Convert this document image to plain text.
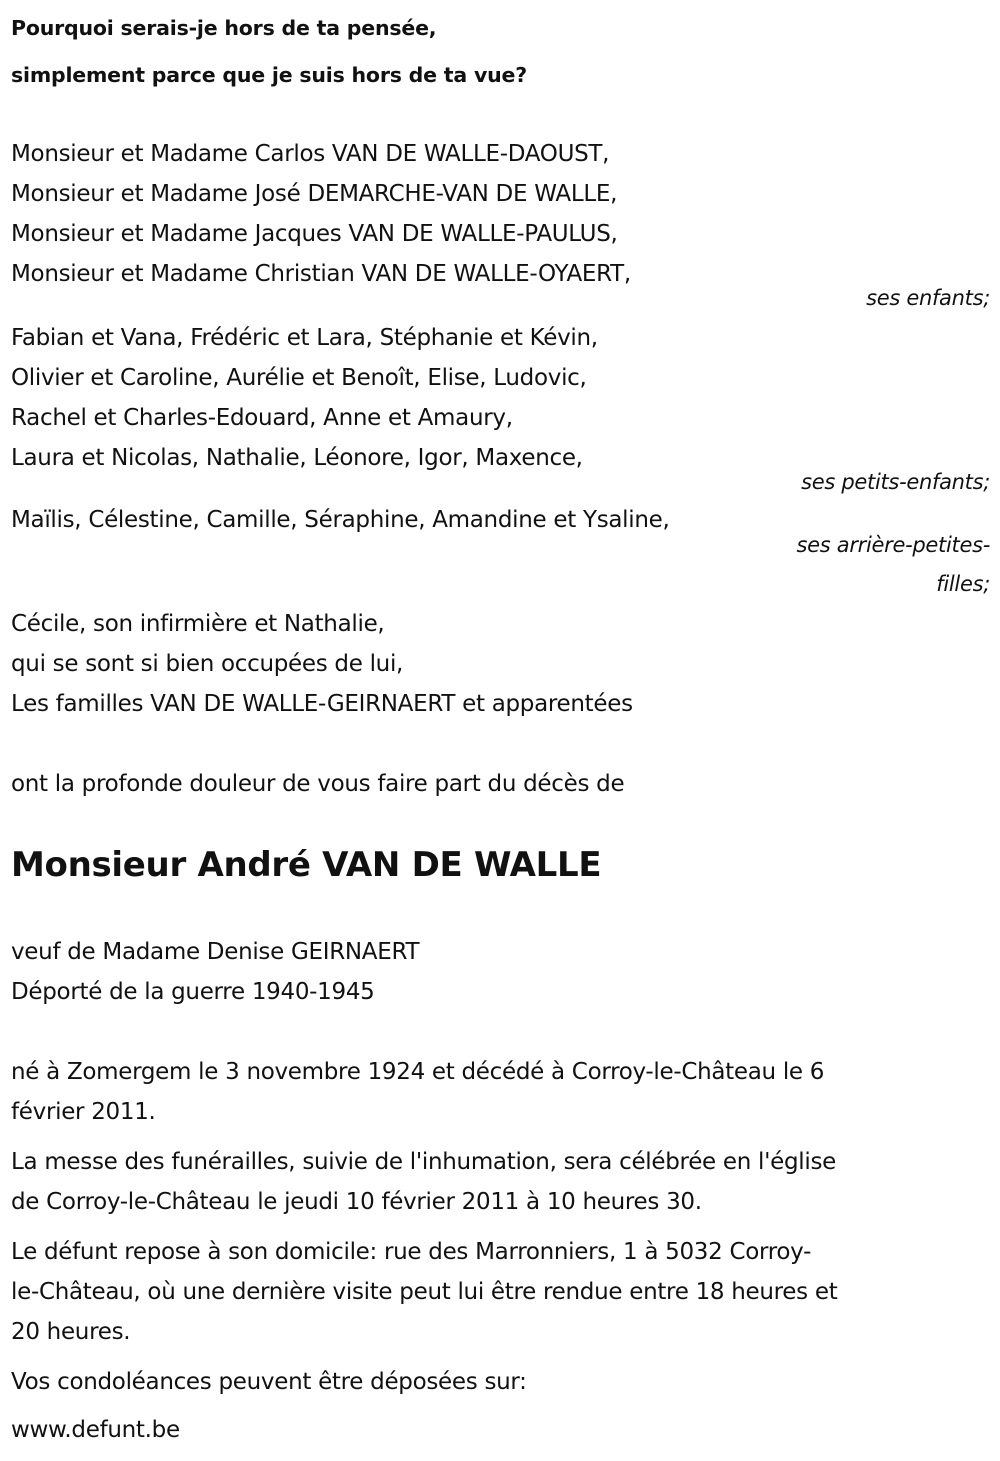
Pourquoi serais-je hors de ta pensée,
simplement parce que je suis hors de ta vue?
Monsieur et Madame Carlos VAN DE WALLE-DAOUST,
Monsieur et Madame José DEMARCHE-VAN DE WALLE,
Monsieur et Madame Jacques VAN DE WALLE-PAULUS,
Monsieur et Madame Christian VAN DE WALLE-OYAERT,
ses enfants;
Fabian et Vana, Frédéric et Lara, Stéphanie et Kévin,
Olivier et Caroline, Aurélie et Benoît, Elise, Ludovic,
Rachel et Charles-Edouard, Anne et Amaury,
Laura et Nicolas, Nathalie, Léonore, Igor, Maxence,
ses petits-enfants;
Maïlis, Célestine, Camille, Séraphine, Amandine et Ysaline,
ses arrière-petites-
filles;
Cécile, son infirmière et Nathalie,
qui se sont si bien occupées de lui,
Les familles VAN DE WALLE-GEIRNAERT et apparentées
ont la profonde douleur de vous faire part du décès de
Monsieur André VAN DE WALLE
veuf de Madame Denise GEIRNAERT
Déporté de la guerre 1940-1945
né à Zomergem le 3 novembre 1924 et décédé à Corroy-le-Château le 6
février 2011.
La messe des funérailles, suivie de l'inhumation, sera célébrée en l'église
de Corroy-le-Château le jeudi 10 février 2011 à 10 heures 30.
Le défunt repose à son domicile: rue des Marronniers, 1 à 5032 Corroy-
le-Château, où une dernière visite peut lui être rendue entre 18 heures et
20 heures.
Vos condoléances peuvent être déposées sur:
www.defunt.be
